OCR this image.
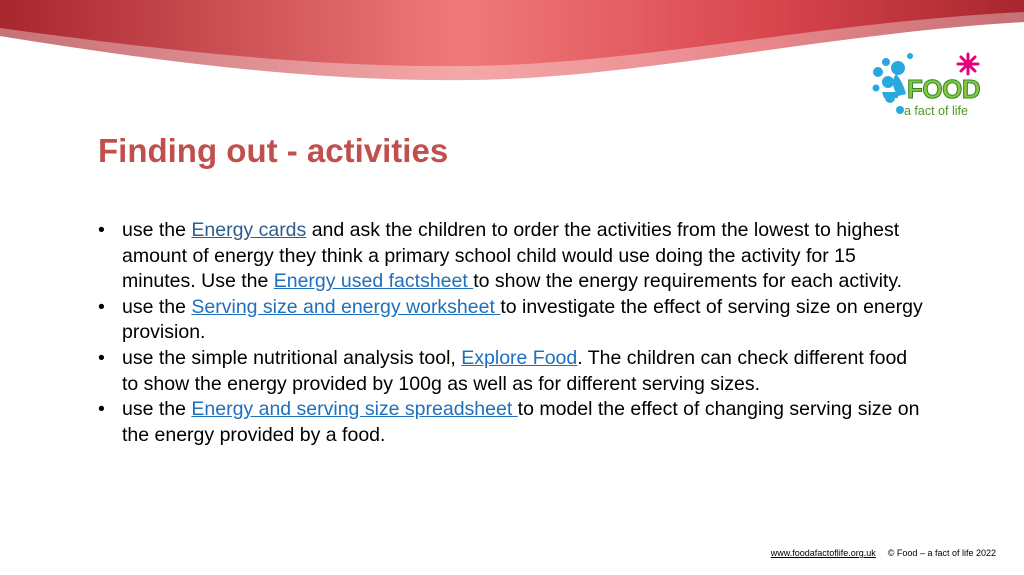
FOOD
a fact of life
Finding out - activities
• use the Energy cards and ask the children to order the activities from the lowest to highest amount of energy they think a primary school child would use doing the activity for 15 minutes. Use the Energy used factsheet to show the energy requirements for each activity.
• use the Serving size and energy worksheet to investigate the effect of serving size on energy provision.
• use the simple nutritional analysis tool, Explore Food. The children can check different food to show the energy provided by 100g as well as for different serving sizes.
• use the Energy and serving size spreadsheet to model the effect of changing serving size on the energy provided by a food.
www.foodafactoflife.org.uk © Food – a fact of life 2022
